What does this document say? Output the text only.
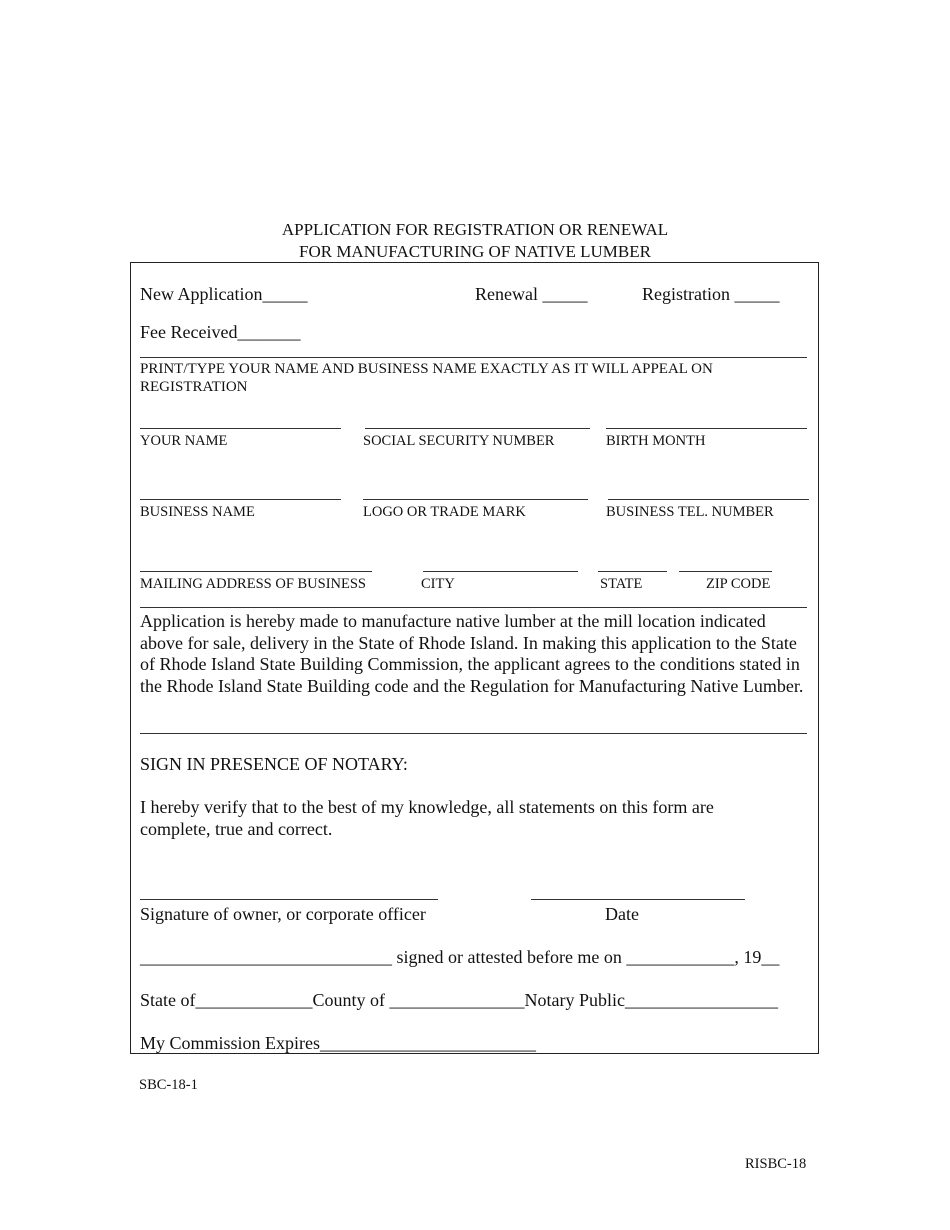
APPLICATION FOR REGISTRATION OR RENEWAL
FOR MANUFACTURING OF NATIVE LUMBER
New Application_____	Renewal _____	Registration _____
Fee Received_______
PRINT/TYPE YOUR NAME AND BUSINESS NAME EXACTLY AS IT WILL APPEAL ON
REGISTRATION
YOUR NAME	SOCIAL SECURITY NUMBER	BIRTH MONTH
BUSINESS NAME	LOGO OR TRADE MARK	BUSINESS TEL. NUMBER
MAILING ADDRESS OF BUSINESS	CITY	STATE	ZIP CODE
Application is hereby made to manufacture native lumber at the mill location indicated above for sale, delivery in the State of Rhode Island. In making this application to the State of Rhode Island State Building Commission, the applicant agrees to the conditions stated in the Rhode Island State Building code and the Regulation for Manufacturing Native Lumber.
SIGN IN PRESENCE OF NOTARY:
I hereby verify that to the best of my knowledge, all statements on this form are complete, true and correct.
Signature of owner, or corporate officer	Date
____________________________ signed or attested before me on ____________, 19__
State of_____________County of _______________Notary Public_________________
My Commission Expires________________________
SBC-18-1
RISBC-18
